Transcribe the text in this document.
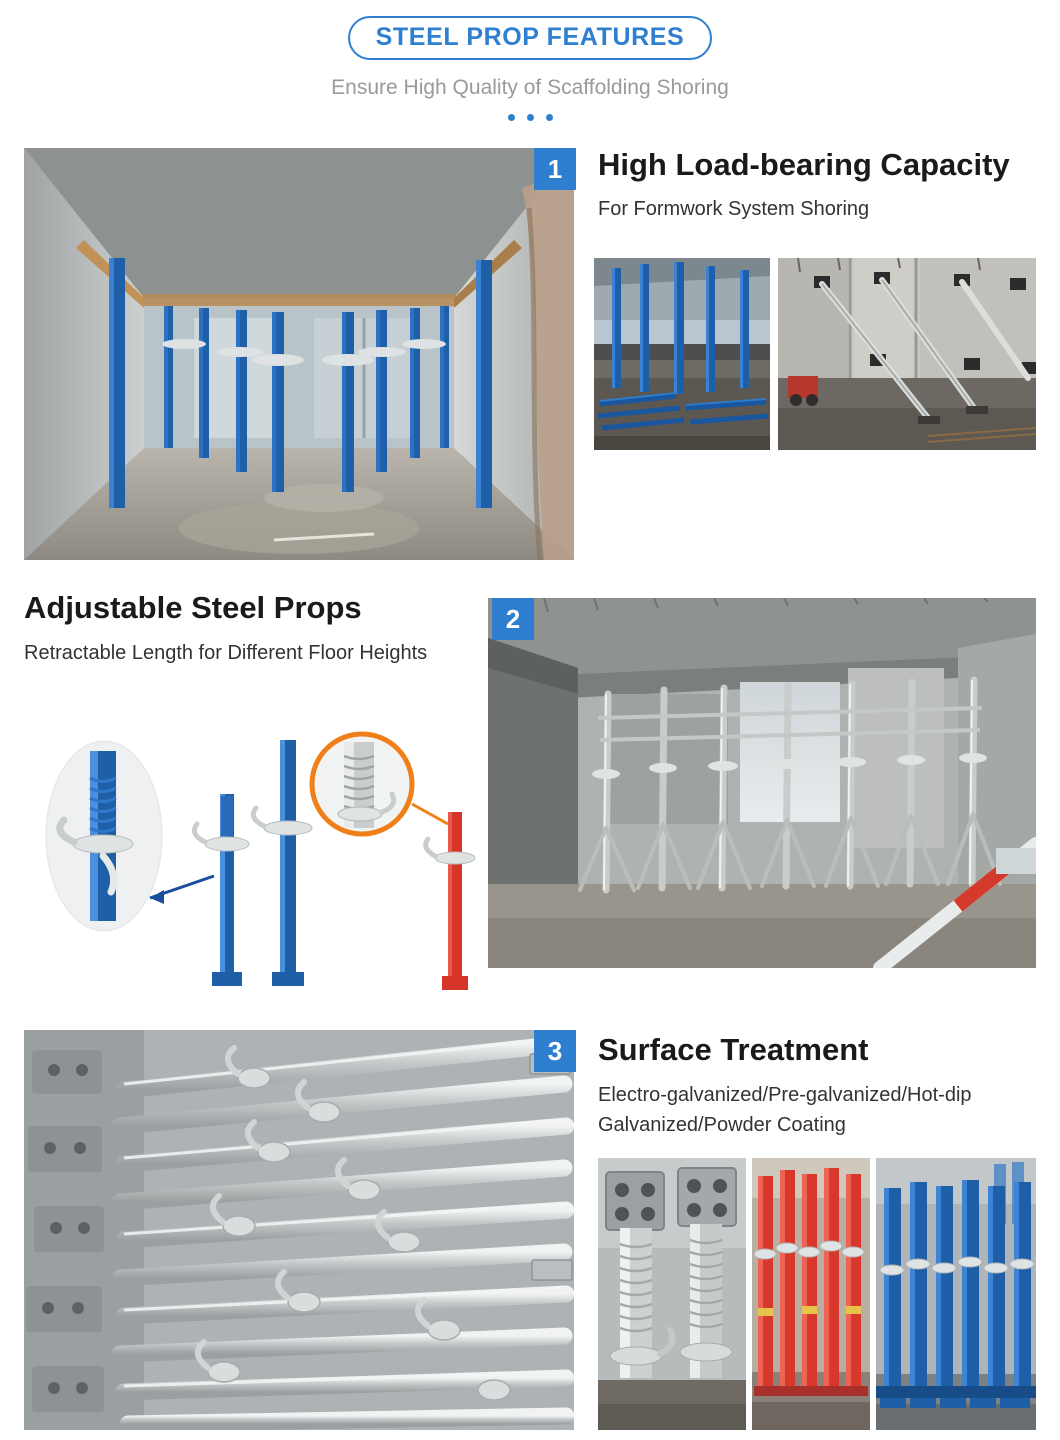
STEEL PROP FEATURES
Ensure High Quality of Scaffolding Shoring
1	High Load-bearing Capacity
For Formwork System Shoring
Adjustable Steel Props
Retractable Length for Different Floor Heights
2
3	Surface Treatment
Electro-galvanized/Pre-galvanized/Hot-dip Galvanized/Powder Coating
